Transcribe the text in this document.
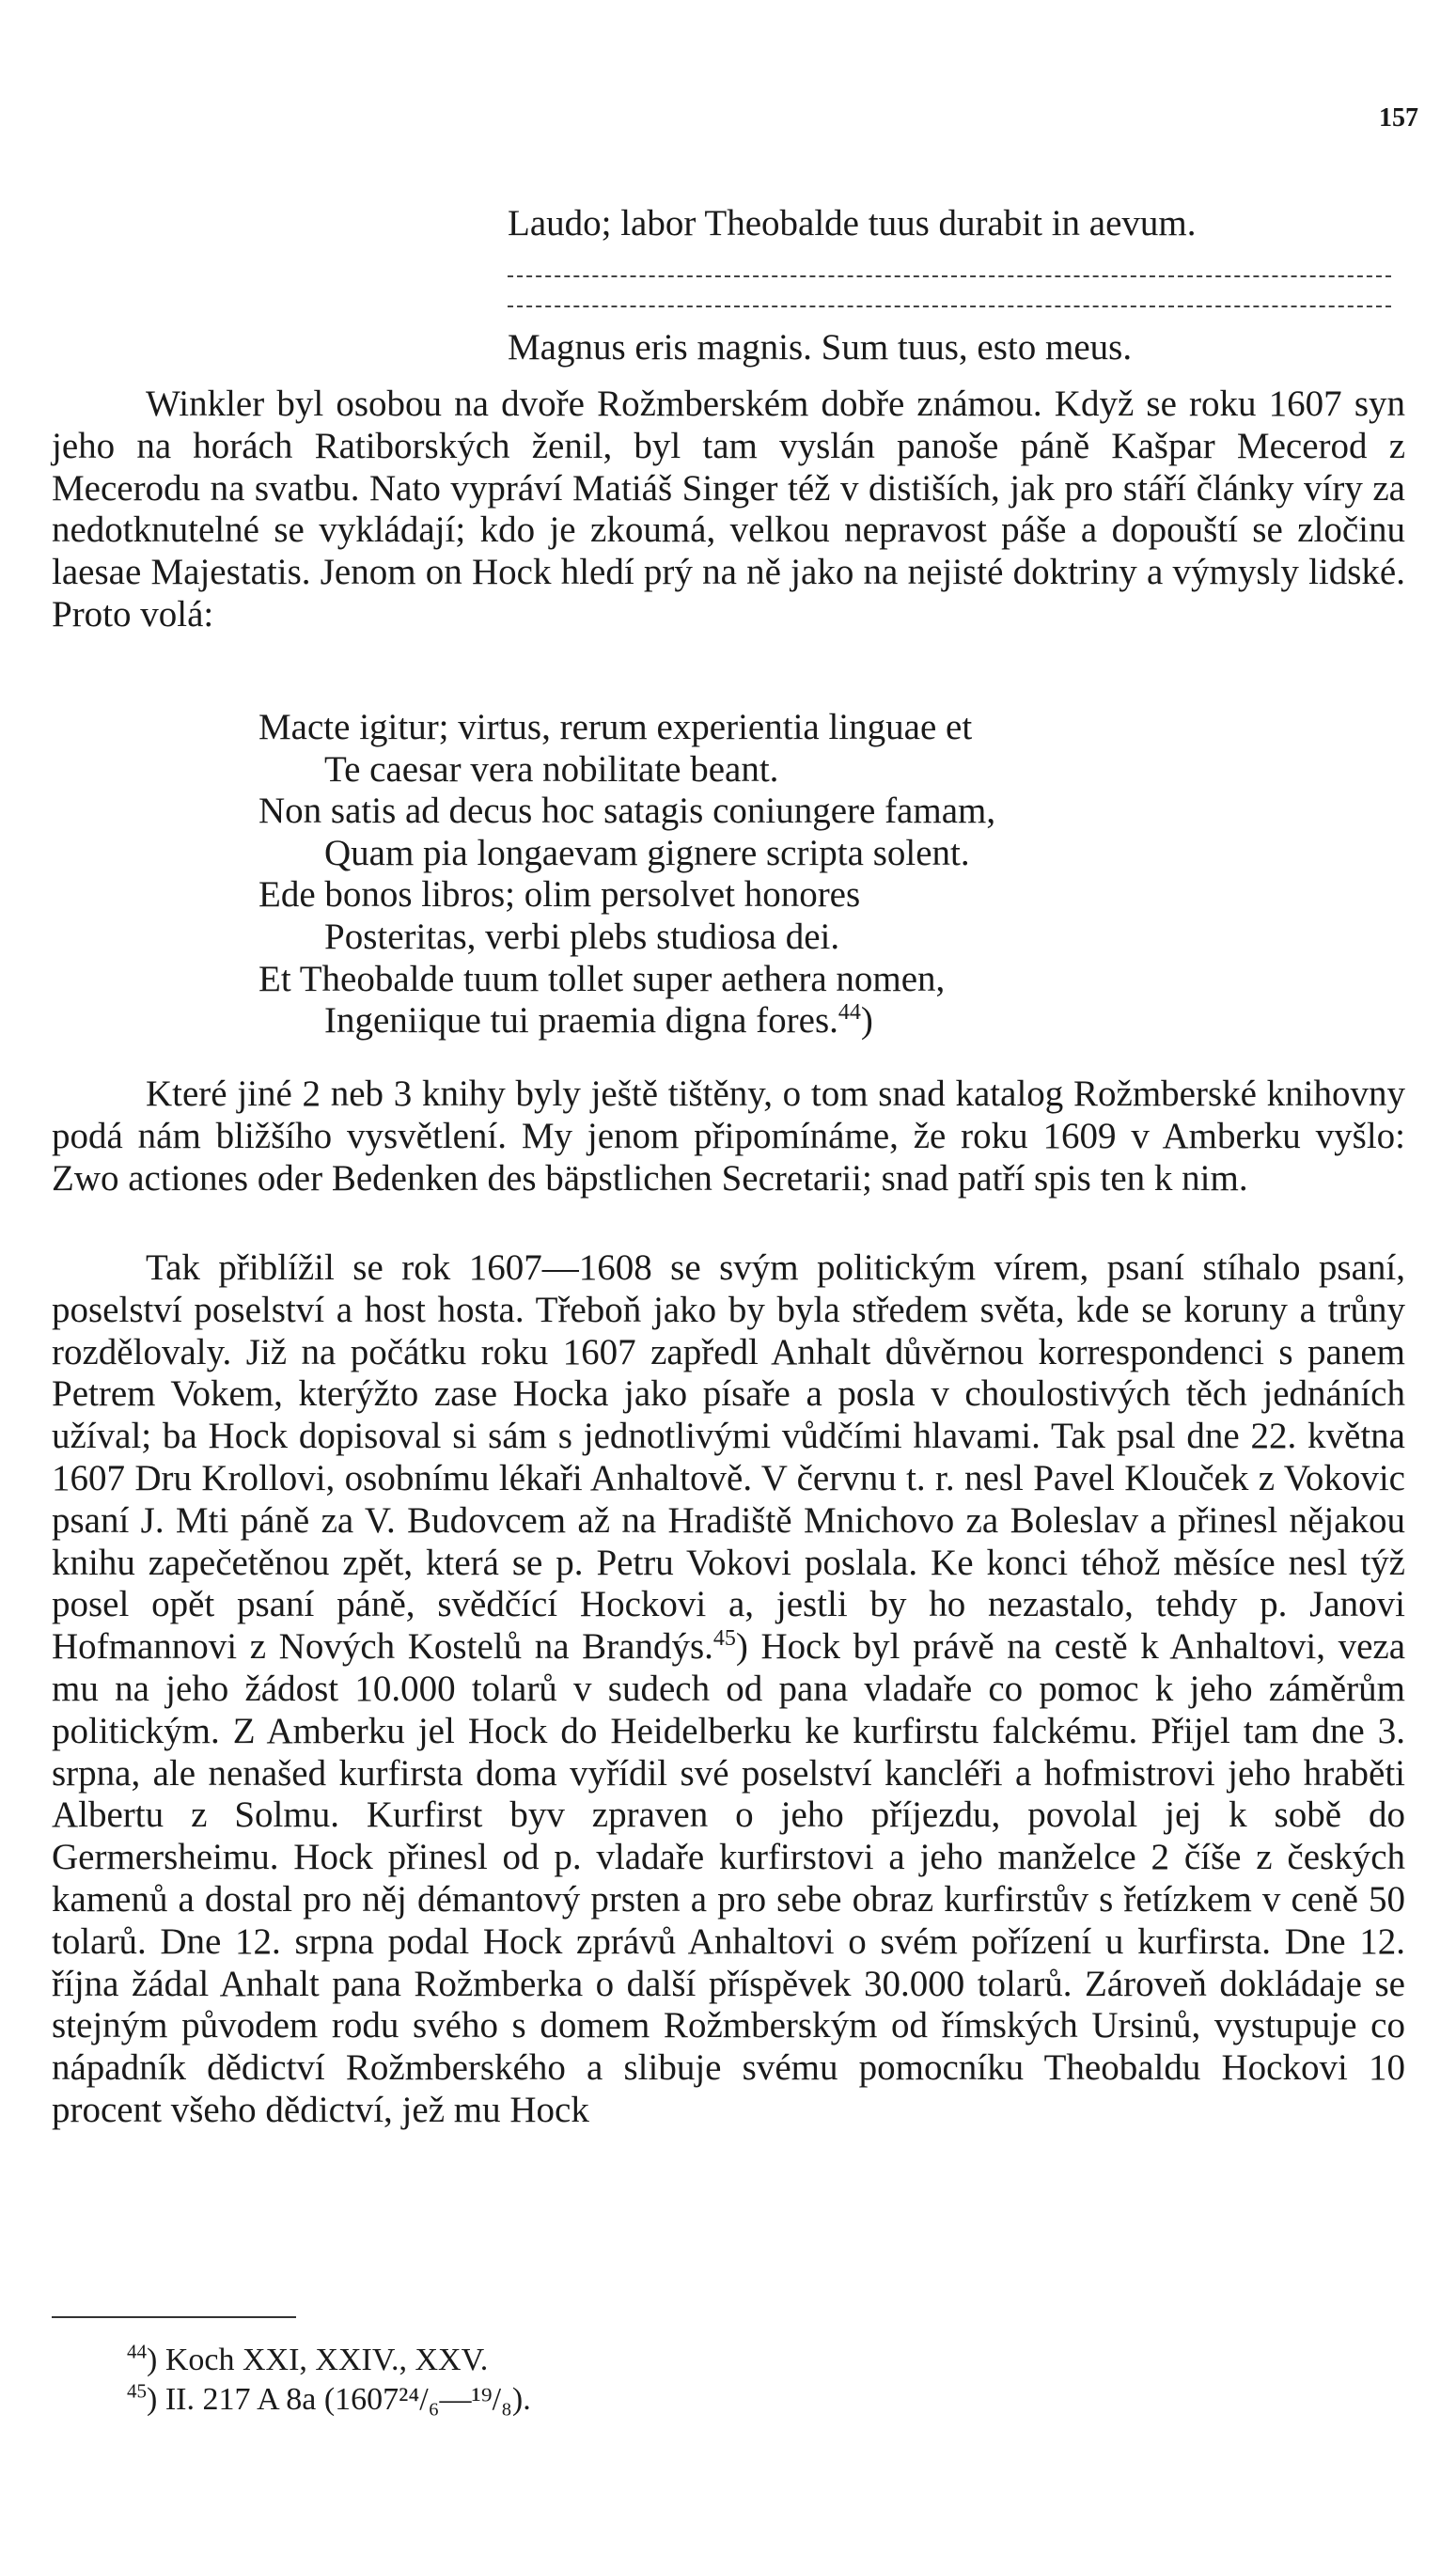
157
Laudo; labor Theobalde tuus durabit in aevum.
Magnus eris magnis. Sum tuus, esto meus.
Winkler byl osobou na dvoře Rožmberském dobře známou. Když se roku 1607 syn jeho na horách Ratiborských ženil, byl tam vyslán panoše páně Kašpar Mecerod z Mecerodu na svatbu. Nato vypráví Matiáš Singer též v distiších, jak pro stáří články víry za nedotknutelné se vykládají; kdo je zkoumá, velkou nepravost páše a dopouští se zločinu laesae Majestatis. Jenom on Hock hledí prý na ně jako na nejisté doktriny a výmysly lidské. Proto volá:
Macte igitur; virtus, rerum experientia linguae et
Te caesar vera nobilitate beant.
Non satis ad decus hoc satagis coniungere famam,
Quam pia longaevam gignere scripta solent.
Ede bonos libros; olim persolvet honores
Posteritas, verbi plebs studiosa dei.
Et Theobalde tuum tollet super aethera nomen,
Ingeniique tui praemia digna fores.$^{44}$)
Které jiné 2 neb 3 knihy byly ještě tištěny, o tom snad katalog Rožmberské knihovny podá nám bližšího vysvětlení. My jenom připomínáme, že roku 1609 v Amberku vyšlo: Zwo actiones oder Bedenken des bäpstlichen Secretarii; snad patří spis ten k nim.
Tak přiblížil se rok 1607—1608 se svým politickým vírem, psaní stíhalo psaní, poselství poselství a host hosta. Třeboň jako by byla středem světa, kde se koruny a trůny rozdělovaly. Již na počátku roku 1607 zapředl Anhalt důvěrnou korrespondenci s panem Petrem Vokem, kterýžto zase Hocka jako písaře a posla v choulostivých těch jednáních užíval; ba Hock dopisoval si sám s jednotlivými vůdčími hlavami. Tak psal dne 22. května 1607 Dru Krollovi, osobnímu lékaři Anhaltově. V červnu t. r. nesl Pavel Klouček z Vokovic psaní J. Mti páně za V. Budovcem až na Hradiště Mnichovo za Boleslav a přinesl nějakou knihu zapečetěnou zpět, která se p. Petru Vokovi poslala. Ke konci téhož měsíce nesl týž posel opět psaní páně, svědčící Hockovi a, jestli by ho nezastalo, tehdy p. Janovi Hofmannovi z Nových Kostelů na Brandýs.$^{45}$) Hock byl právě na cestě k Anhaltovi, veza mu na jeho žádost 10.000 tolarů v sudech od pana vladaře co pomoc k jeho záměrům politickým. Z Amberku jel Hock do Heidelberku ke kurfirstu falckému. Přijel tam dne 3. srpna, ale nenašed kurfirsta doma vyřídil své poselství kancléři a hofmistrovi jeho hraběti Albertu z Solmu. Kurfirst byv zpraven o jeho příjezdu, povolal jej k sobě do Germersheimu. Hock přinesl od p. vladaře kurfirstovi a jeho manželce 2 číše z českých kamenů a dostal pro něj démantový prsten a pro sebe obraz kurfirstův s řetízkem v ceně 50 tolarů. Dne 12. srpna podal Hock zprávů Anhaltovi o svém pořízení u kurfirsta. Dne 12. října žádal Anhalt pana Rožmberka o další příspěvek 30.000 tolarů. Zároveň dokládaje se stejným původem rodu svého s domem Rožmberským od římských Ursinů, vystupuje co nápadník dědictví Rožmberského a slibuje svému pomocníku Theobaldu Hockovi 10 procent všeho dědictví, jež mu Hock
$^{44}$) Koch XXI, XXIV., XXV.
$^{45}$) II. 217 A 8a (1607²⁴/₆—¹⁹/₈).
